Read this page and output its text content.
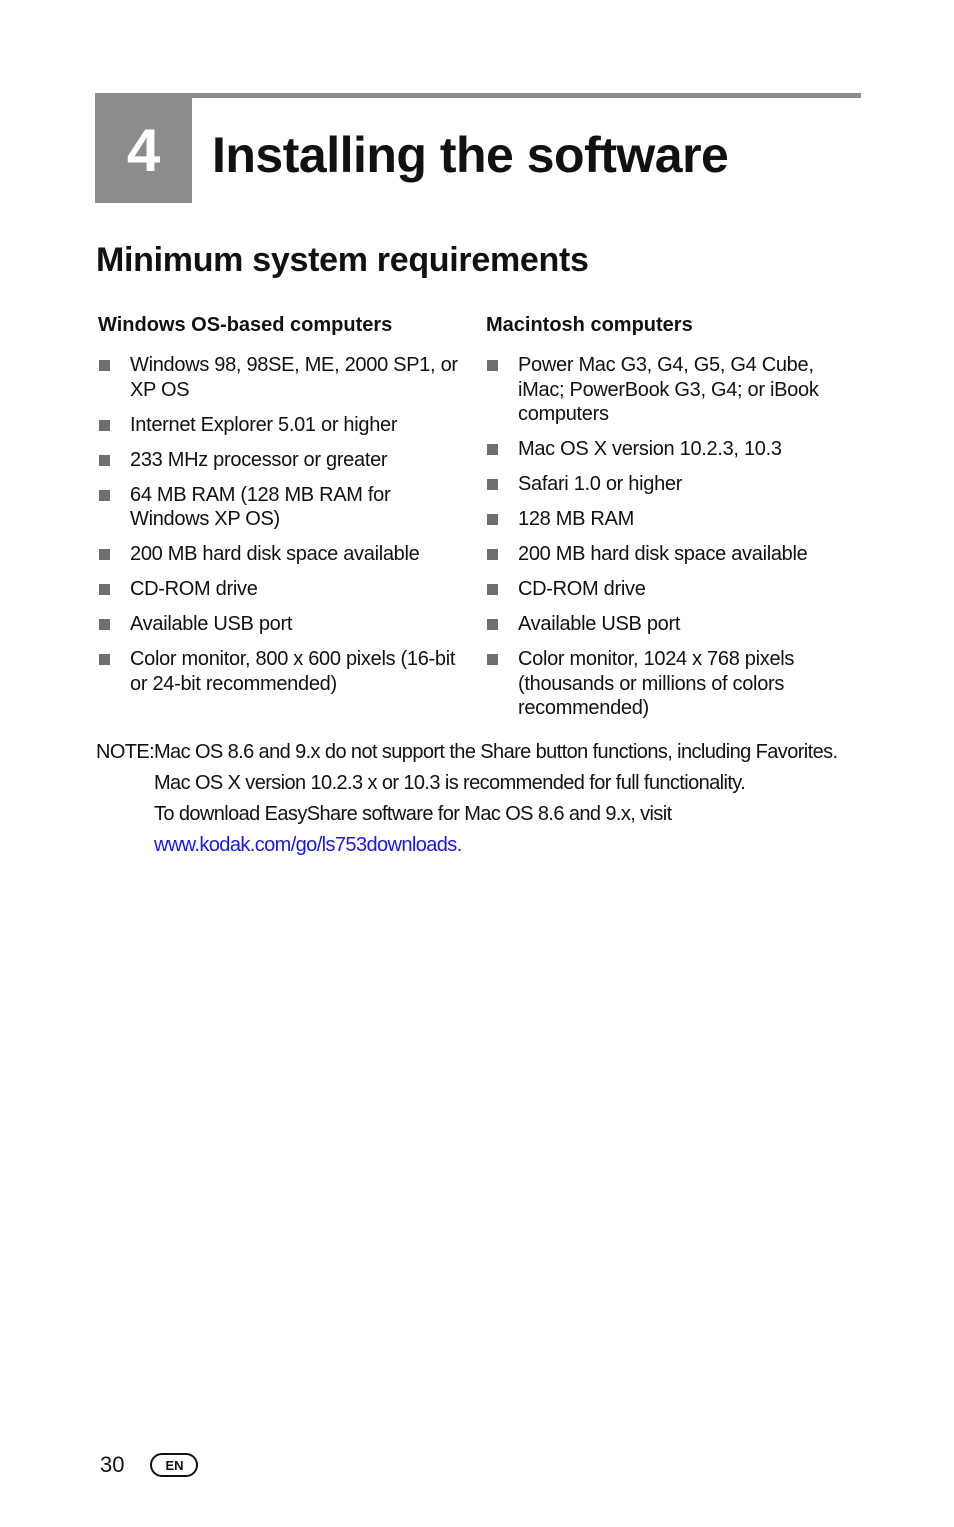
4 Installing the software
Minimum system requirements
Windows OS-based computers
Windows 98, 98SE, ME, 2000 SP1, or XP OS
Internet Explorer 5.01 or higher
233 MHz processor or greater
64 MB RAM (128 MB RAM for Windows XP OS)
200 MB hard disk space available
CD-ROM drive
Available USB port
Color monitor, 800 x 600 pixels (16-bit or 24-bit recommended)
Macintosh computers
Power Mac G3, G4, G5, G4 Cube, iMac; PowerBook G3, G4; or iBook computers
Mac OS X version 10.2.3, 10.3
Safari 1.0 or higher
128 MB RAM
200 MB hard disk space available
CD-ROM drive
Available USB port
Color monitor, 1024 x 768 pixels (thousands or millions of colors recommended)
NOTE: Mac OS 8.6 and 9.x do not support the Share button functions, including Favorites.
Mac OS X version 10.2.3 x or 10.3 is recommended for full functionality.
To download EasyShare software for Mac OS 8.6 and 9.x, visit
www.kodak.com/go/ls753downloads.
30	EN
